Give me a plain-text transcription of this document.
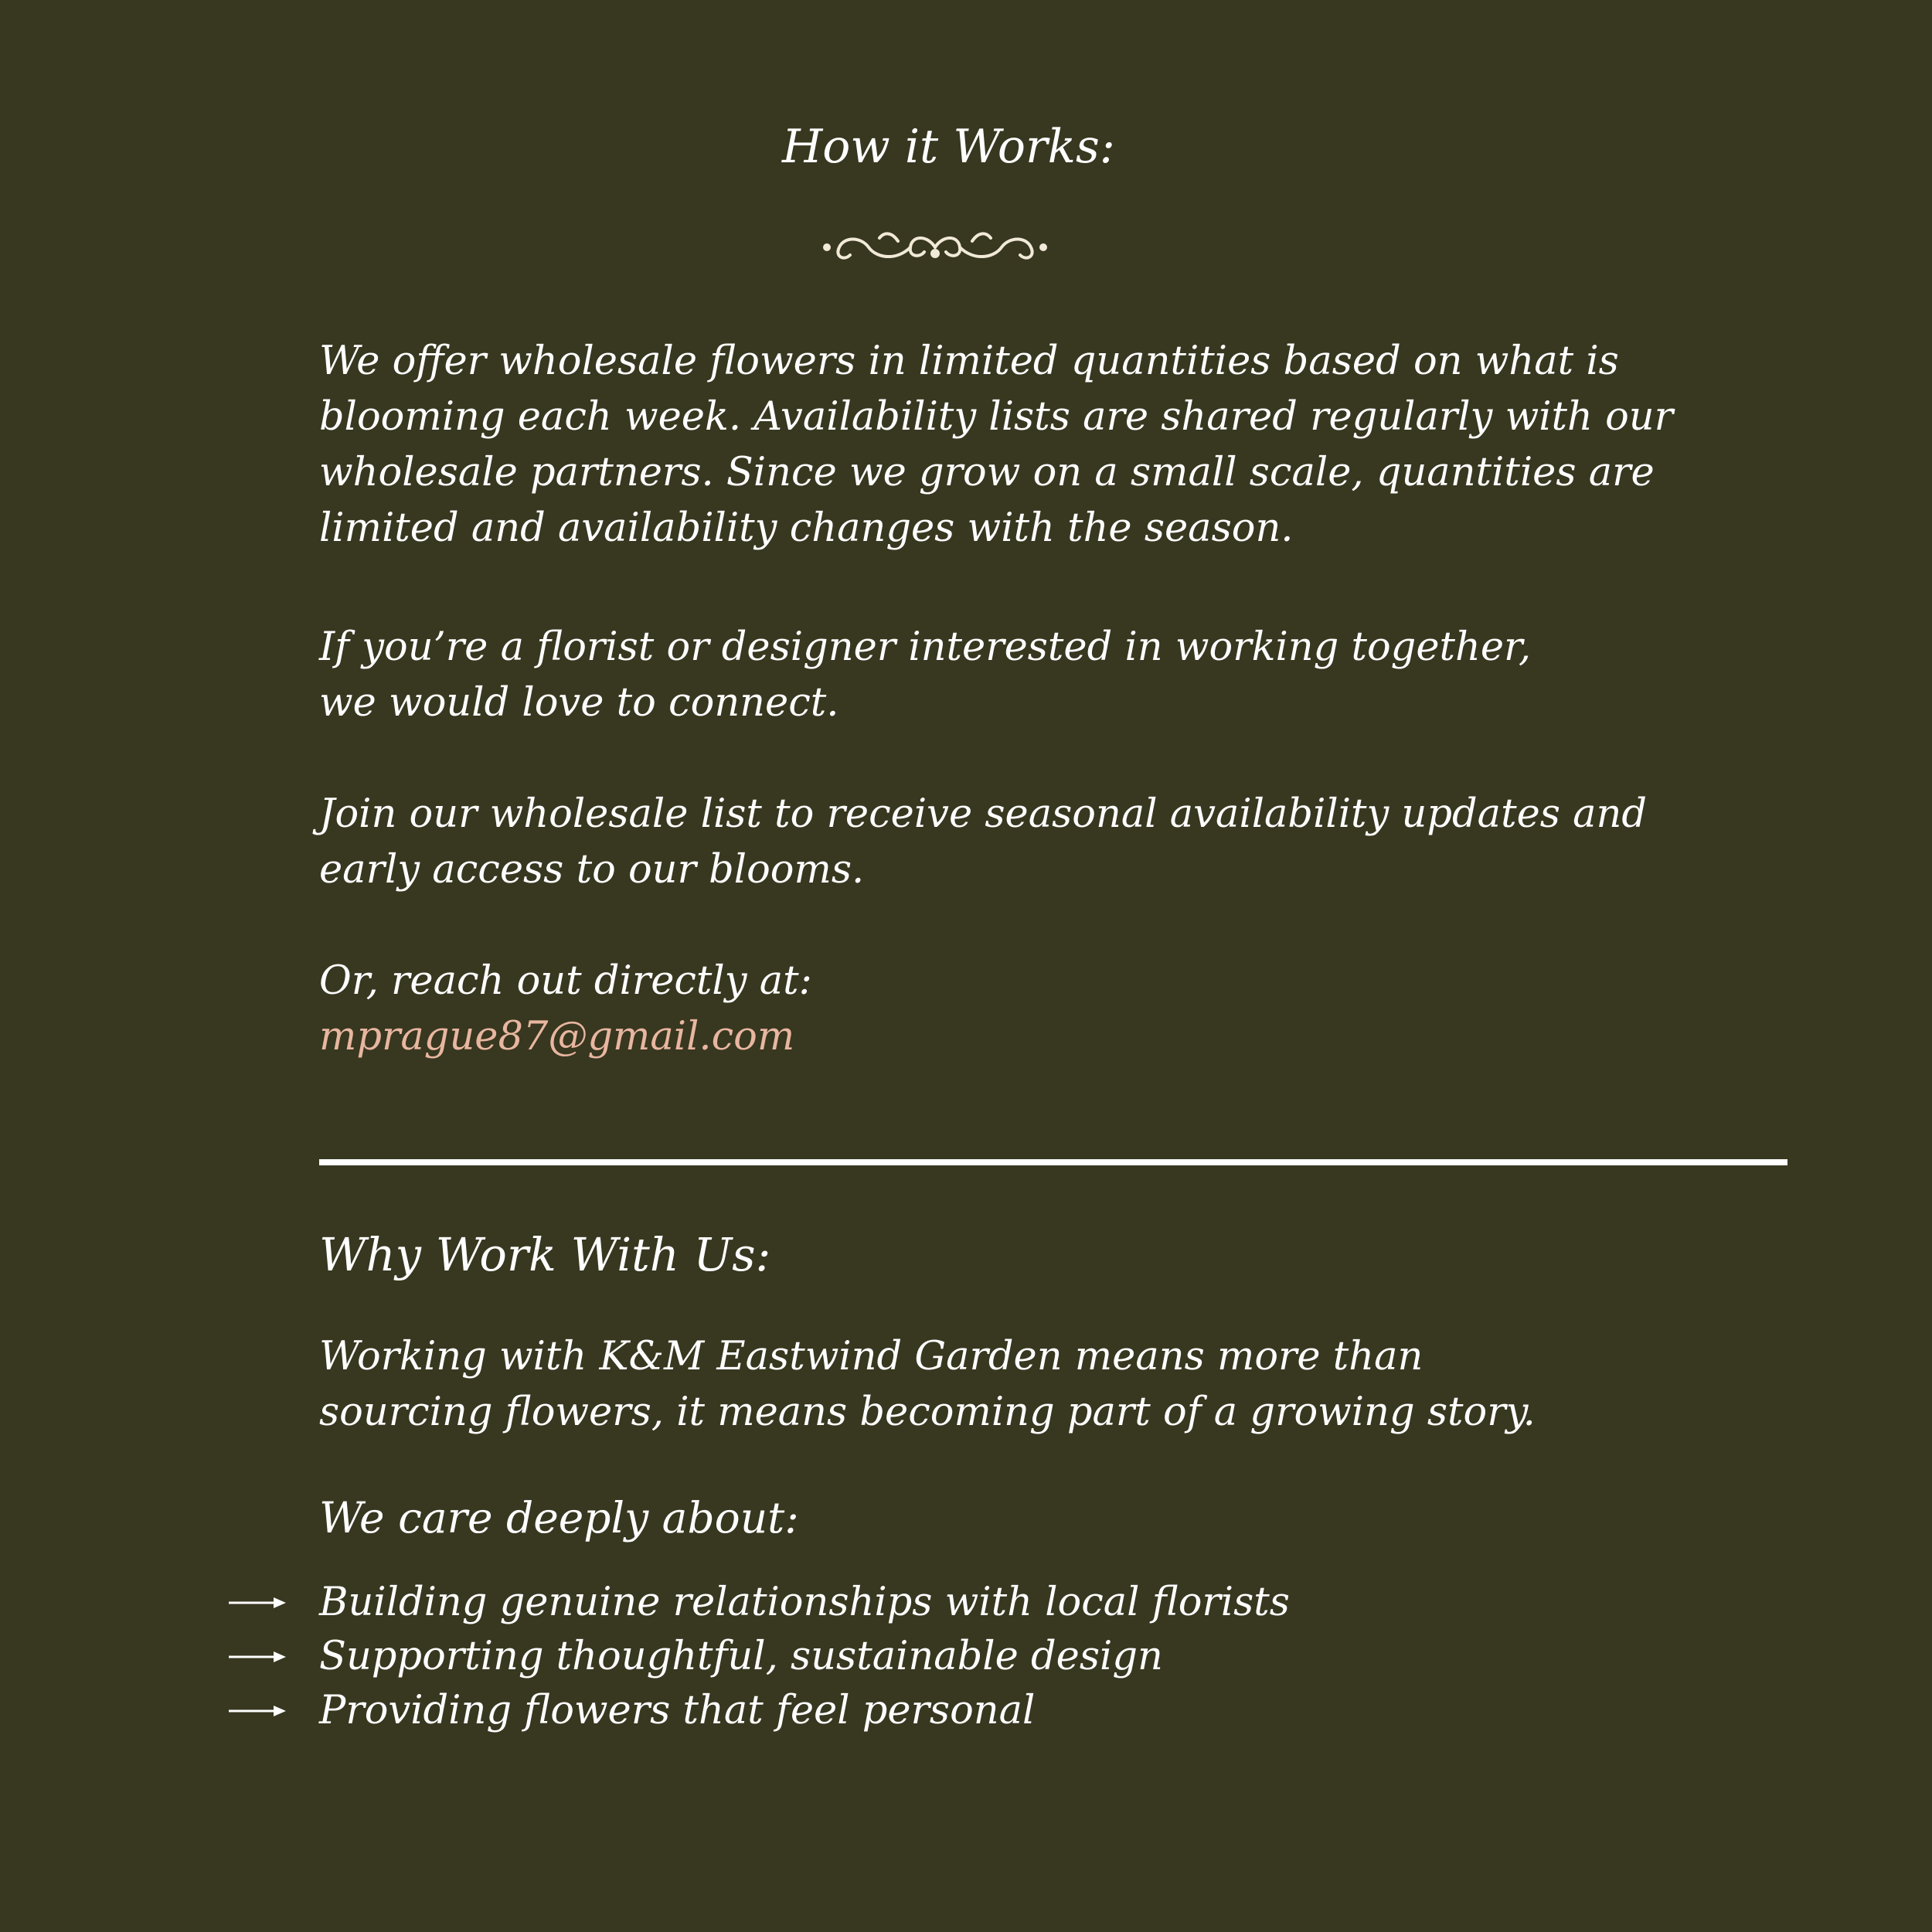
How it Works:
We offer wholesale flowers in limited quantities based on what is
blooming each week. Availability lists are shared regularly with our
wholesale partners. Since we grow on a small scale, quantities are
limited and availability changes with the season.
If you’re a florist or designer interested in working together,
we would love to connect.
Join our wholesale list to receive seasonal availability updates and
early access to our blooms.
Or, reach out directly at:
mprague87@gmail.com
Why Work With Us:
Working with K&M Eastwind Garden means more than
sourcing flowers, it means becoming part of a growing story.
We care deeply about:
Building genuine relationships with local florists
Supporting thoughtful, sustainable design
Providing flowers that feel personal
